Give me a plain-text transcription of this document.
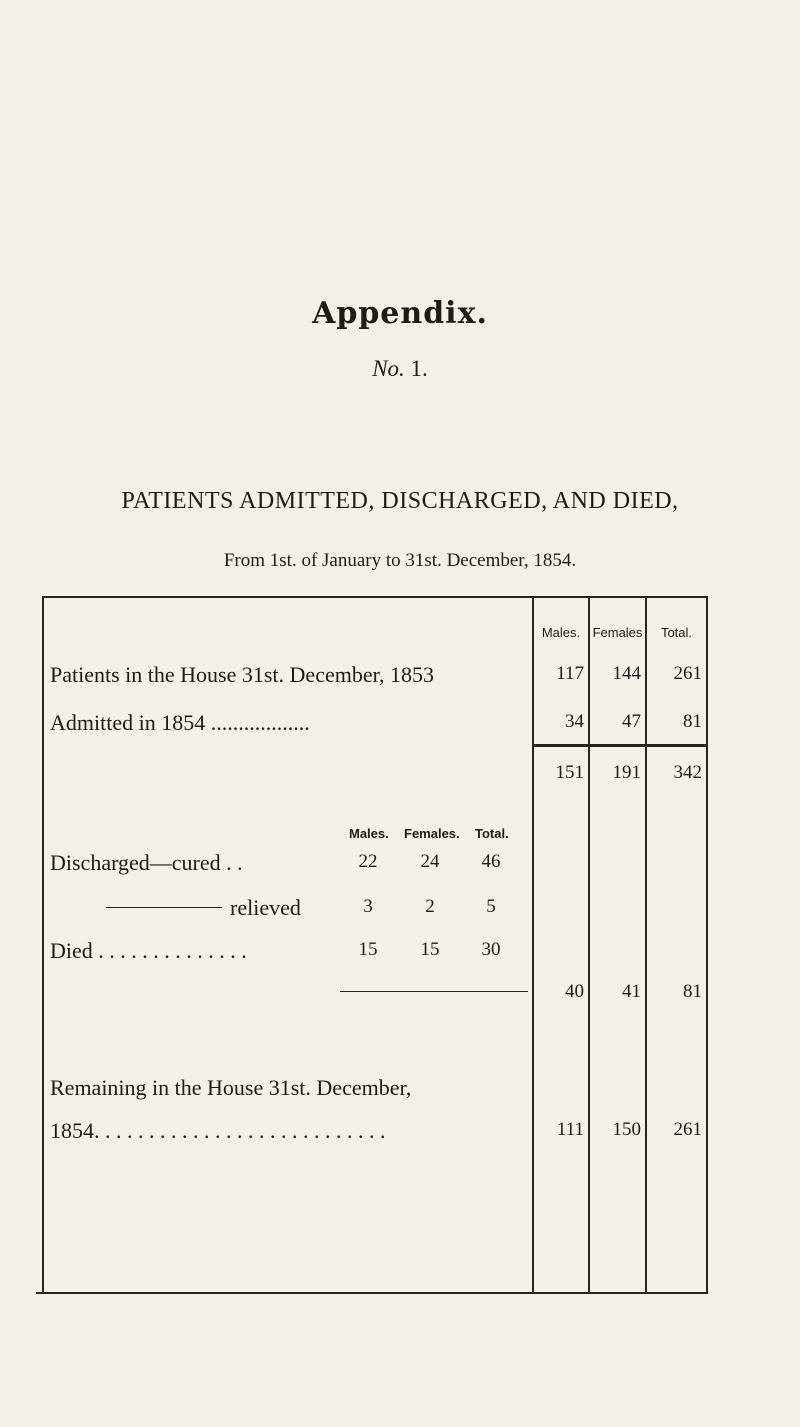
Appendix.
No. 1.
PATIENTS ADMITTED, DISCHARGED, AND DIED,
From 1st. of January to 31st. December, 1854.
Males. Females	Total.
Patients in the House 31st. December, 1853	117	144	261
Admitted in 1854 ..................	34	47	81
151	191	342
Males. Females. Total.
Discharged—cured . .	22	24	46
relieved	3	2	5
Died . . . . . . . . . . . . . .	15	15	30
40	41	81
Remaining in the House 31st. December,
1854. . . . . . . . . . . . . . . . . . . . . . . . . . .	111	150	261
